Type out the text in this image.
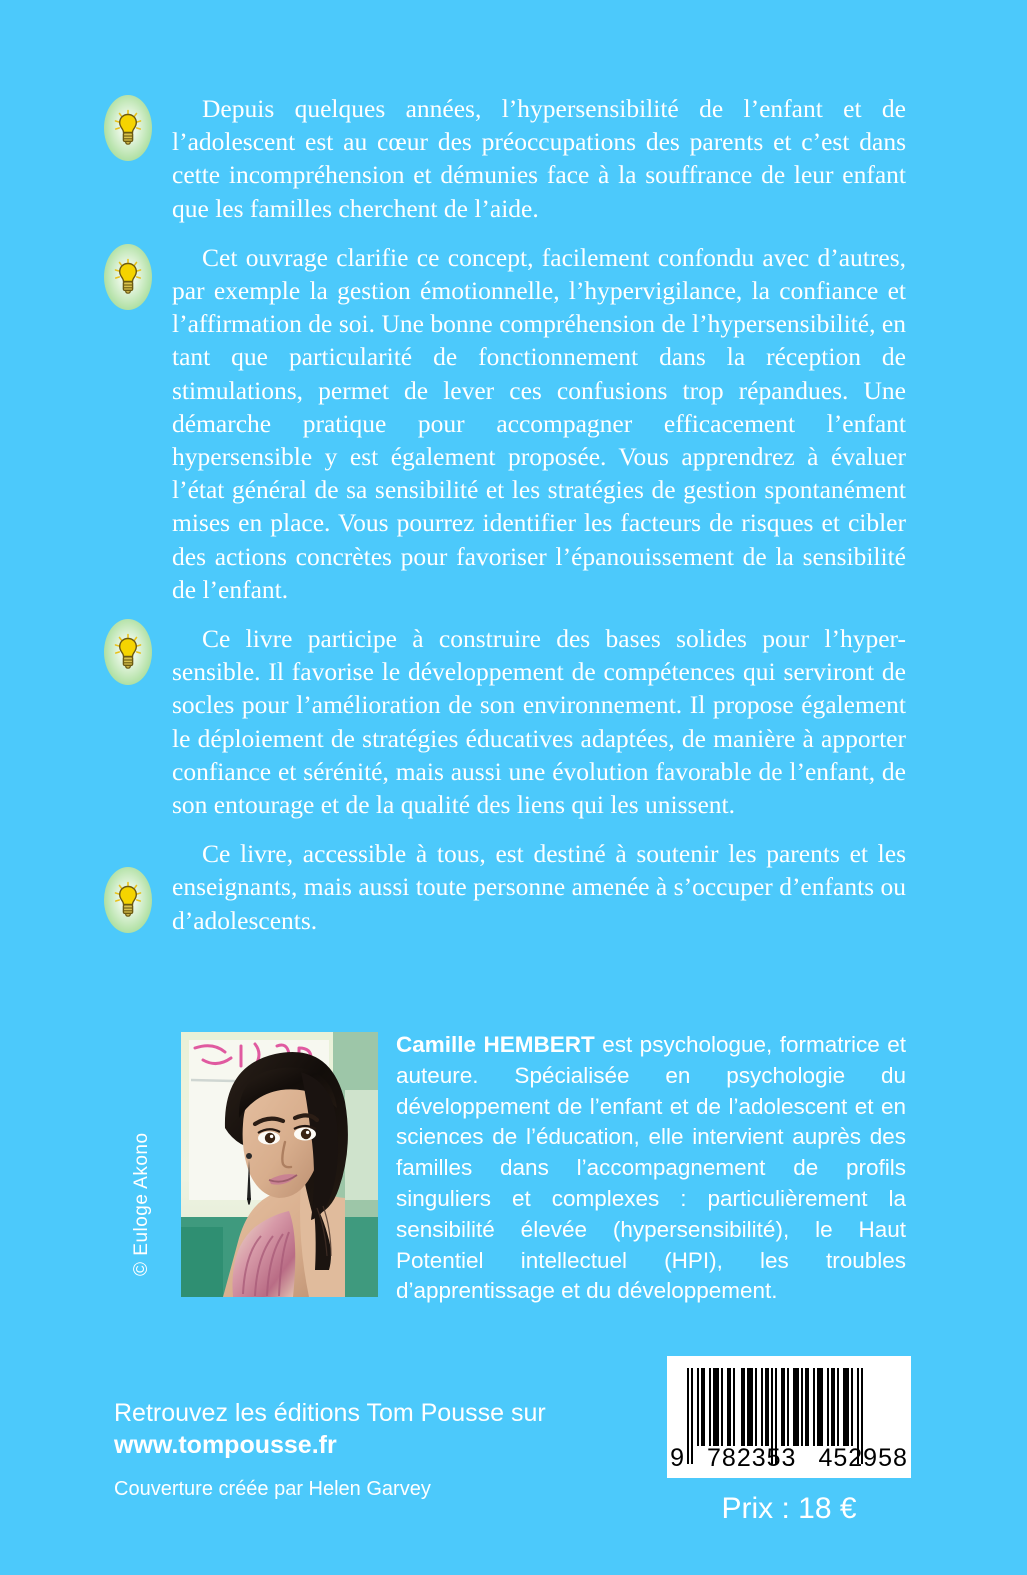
Depuis quelques années, l’hypersensibilité de l’enfant et de l’adolescent est au cœur des préoccupations des parents et c’est dans cette incompréhension et démunies face à la souffrance de leur enfant que les familles cherchent de l’aide.

Cet ouvrage clarifie ce concept, facilement confondu avec d’autres, par exemple la gestion émotionnelle, l’hypervigilance, la confiance et l’affirmation de soi. Une bonne compréhension de l’hypersensibilité, en tant que particularité de fonctionnement dans la réception de stimulations, permet de lever ces confusions trop répandues. Une démarche pratique pour accompagner efficacement l’enfant hypersensible y est également proposée. Vous apprendrez à évaluer l’état général de sa sensibilité et les stratégies de gestion spontanément mises en place. Vous pourrez identifier les facteurs de risques et cibler des actions concrètes pour favoriser l’épanouissement de la sensibilité de l’enfant.

Ce livre participe à construire des bases solides pour l’hyper-sensible. Il favorise le développement de compétences qui serviront de socles pour l’amélioration de son environnement. Il propose également le déploiement de stratégies éducatives adaptées, de manière à apporter confiance et sérénité, mais aussi une évolution favorable de l’enfant, de son entourage et de la qualité des liens qui les unissent.

Ce livre, accessible à tous, est destiné à soutenir les parents et les enseignants, mais aussi toute personne amenée à s’occuper d’enfants ou d’adolescents.

© Euloge Akono
Camille HEMBERT est psychologue, formatrice et auteure. Spécialisée en psychologie du développement de l’enfant et de l’adolescent et en sciences de l’éducation, elle intervient auprès des familles dans l’accompagnement de profils singuliers et complexes : particulièrement la sensibilité élevée (hypersensibilité), le Haut Potentiel intellectuel (HPI), les troubles d’apprentissage et du développement.
Retrouvez les éditions Tom Pousse sur
www.tompousse.fr
Couverture créée par Helen Garvey
9 782353 452958
Prix : 18 €
